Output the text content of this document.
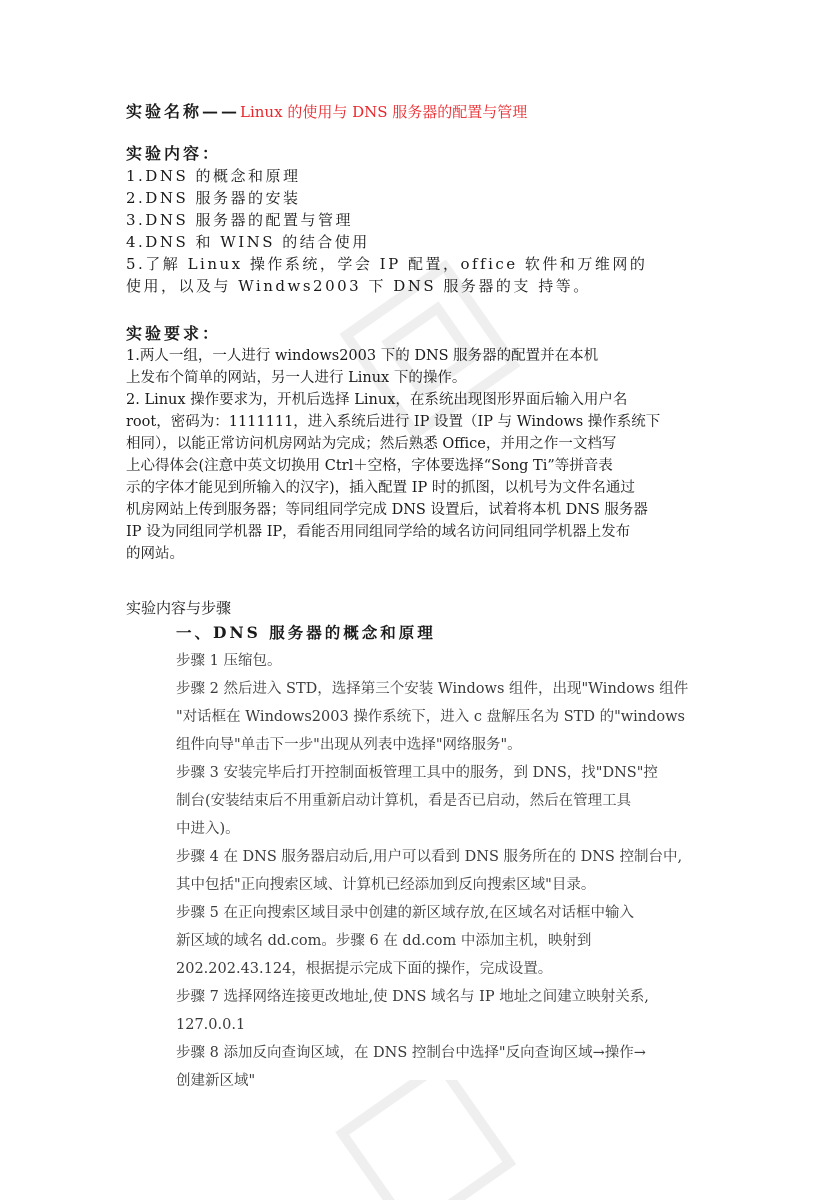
实验名称——Linux 的使用与 DNS 服务器的配置与管理
实验内容：
1.DNS 的概念和原理
2.DNS 服务器的安装
3.DNS 服务器的配置与管理
4.DNS 和 WINS 的结合使用
5.了解 Linux 操作系统，学会 IP 配置，office 软件和万维网的
使用，以及与 Windws2003 下 DNS 服务器的支 持等。
实验要求：
1.两人一组，一人进行 windows2003 下的 DNS 服务器的配置并在本机
上发布个简单的网站，另一人进行 Linux 下的操作。
2. Linux 操作要求为，开机后选择 Linux，在系统出现图形界面后输入用户名
root，密码为：1111111，进入系统后进行 IP 设置（IP 与 Windows 操作系统下
相同），以能正常访问机房网站为完成；然后熟悉 Office，并用之作一文档写
上心得体会(注意中英文切换用 Ctrl＋空格，字体要选择“Song Ti”等拼音表
示的字体才能见到所输入的汉字)，插入配置 IP 时的抓图，以机号为文件名通过
机房网站上传到服务器；等同组同学完成 DNS 设置后，试着将本机 DNS 服务器
IP 设为同组同学机器 IP，看能否用同组同学给的域名访问同组同学机器上发布
的网站。
实验内容与步骤
一、DNS 服务器的概念和原理
步骤 1 压缩包。
步骤 2 然后进入 STD，选择第三个安装 Windows 组件，出现"Windows 组件
"对话框在 Windows2003 操作系统下，进入 c 盘解压名为 STD 的"windows
组件向导"单击下一步"出现从列表中选择"网络服务"。
步骤 3 安装完毕后打开控制面板管理工具中的服务，到 DNS，找"DNS"控
制台(安装结束后不用重新启动计算机，看是否已启动，然后在管理工具
中进入)。
步骤 4 在 DNS 服务器启动后,用户可以看到 DNS 服务所在的 DNS 控制台中,
其中包括"正向搜索区域、计算机已经添加到反向搜索区域"目录。
步骤 5 在正向搜索区域目录中创建的新区域存放,在区域名对话框中输入
新区域的域名 dd.com。步骤 6 在 dd.com 中添加主机，映射到
202.202.43.124，根据提示完成下面的操作，完成设置。
步骤 7 选择网络连接更改地址,使 DNS 域名与 IP 地址之间建立映射关系,
127.0.0.1
步骤 8 添加反向查询区域，在 DNS 控制台中选择"反向查询区域→操作→
创建新区域"
